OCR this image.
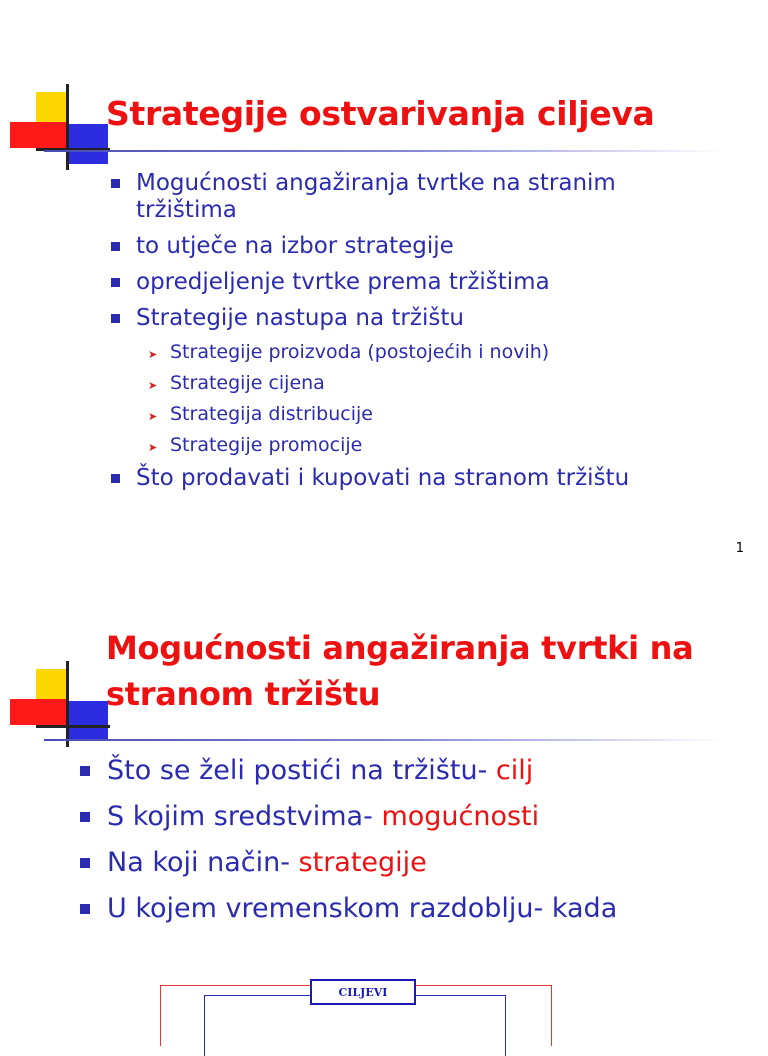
Strategije ostvarivanja ciljeva
Mogućnosti angažiranja tvrtke na stranim
tržištima
to utječe na izbor strategije
opredjeljenje tvrtke prema tržištima
Strategije nastupa na tržištu
➤ Strategije proizvoda (postojećih i novih)
➤ Strategije cijena
➤ Strategija distribucije
➤ Strategije promocije
Što prodavati i kupovati na stranom tržištu
1
Mogućnosti angažiranja tvrtki na
stranom tržištu
Što se želi postići na tržištu- cilj
S kojim sredstvima- mogućnosti
Na koji način- strategije
U kojem vremenskom razdoblju- kada
CILJEVI
